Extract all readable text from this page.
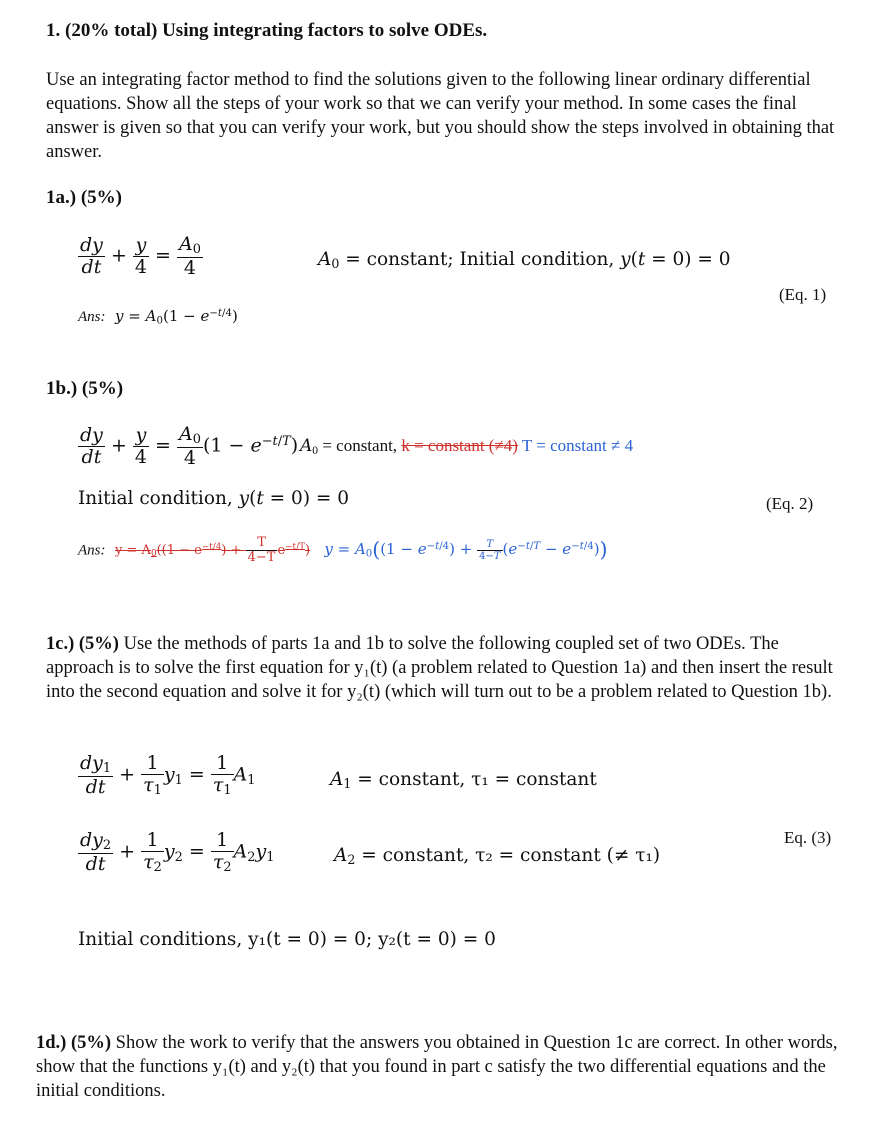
1. (20% total) Using integrating factors to solve ODEs.
Use an integrating factor method to find the solutions given to the following linear ordinary differential equations. Show all the steps of your work so that we can verify your method. In some cases the final answer is given so that you can verify your work, but you should show the steps involved in obtaining that answer.
1a.) (5%)
$\frac{dy}{dt} + \frac{y}{4} = \frac{A_0}{4}$	$A_0$ = constant; Initial condition, y(t = 0) = 0
(Eq. 1)
Ans: $y = A_0(1 - e^{-t/4})$
1b.) (5%)
$\frac{dy}{dt} + \frac{y}{4} = \frac{A_0}{4} (1 - e^{-t/T}) A_0$ = constant, k = constant (≠4) T = constant ≠ 4
Initial condition, y(t = 0) = 0	(Eq. 2)
Ans: $y = A_0((1 - e^{-t/4}) + \frac{T}{4-T} e^{-t/T}) y = A_0((1 - e^{-t/4}) + \frac{T}{4-T} (e^{-t/T} - e^{-t/4}))$
1c.) (5%) Use the methods of parts 1a and 1b to solve the following coupled set of two ODEs. The approach is to solve the first equation for y₁(t) (a problem related to Question 1a) and then insert the result into the second equation and solve it for y₂(t) (which will turn out to be a problem related to Question 1b).
$\frac{dy_1}{dt} + \frac{1}{\tau_1} y_1 = \frac{1}{\tau_1} A_1$	$A_1$ = constant, τ₁ = constant
$\frac{dy_2}{dt} + \frac{1}{\tau_2} y_2 = \frac{1}{\tau_2} A_2y_1$	$A_2$ = constant, τ₂ = constant (≠ τ₁)
Eq. (3)
Initial conditions, y₁(t = 0) = 0; y₂(t = 0) = 0
1d.) (5%) Show the work to verify that the answers you obtained in Question 1c are correct. In other words, show that the functions y₁(t) and y₂(t) that you found in part c satisfy the two differential equations and the initial conditions.
